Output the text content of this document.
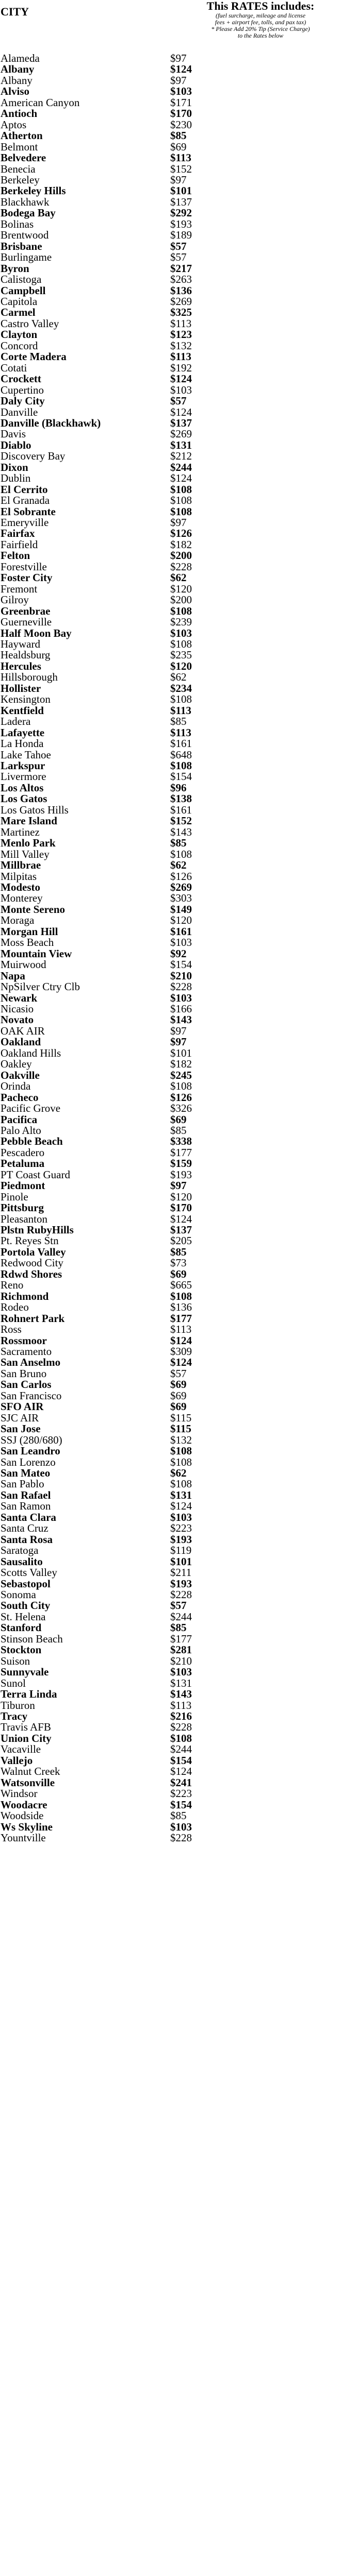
CITY	This RATES includes:
(fuel surcharge, mileage and license
fees + airport fee, tolls, and pax tax)
* Please Add 20% Tip (Service Charge)
to the Rates below
Alameda	$97
Albany	$124
Albany	$97
Alviso	$103
American Canyon	$171
Antioch	$170
Aptos	$230
Atherton	$85
Belmont	$69
Belvedere	$113
Benecia	$152
Berkeley	$97
Berkeley Hills	$101
Blackhawk	$137
Bodega Bay	$292
Bolinas	$193
Brentwood	$189
Brisbane	$57
Burlingame	$57
Byron	$217
Calistoga	$263
Campbell	$136
Capitola	$269
Carmel	$325
Castro Valley	$113
Clayton	$123
Concord	$132
Corte Madera	$113
Cotati	$192
Crockett	$124
Cupertino	$103
Daly City	$57
Danville	$124
Danville (Blackhawk)	$137
Davis	$269
Diablo	$131
Discovery Bay	$212
Dixon	$244
Dublin	$124
El Cerrito	$108
El Granada	$108
El Sobrante	$108
Emeryville	$97
Fairfax	$126
Fairfield	$182
Felton	$200
Forestville	$228
Foster City	$62
Fremont	$120
Gilroy	$200
Greenbrae	$108
Guerneville	$239
Half Moon Bay	$103
Hayward	$108
Healdsburg	$235
Hercules	$120
Hillsborough	$62
Hollister	$234
Kensington	$108
Kentfield	$113
Ladera	$85
Lafayette	$113
La Honda	$161
Lake Tahoe	$648
Larkspur	$108
Livermore	$154
Los Altos	$96
Los Gatos	$138
Los Gatos Hills	$161
Mare Island	$152
Martinez	$143
Menlo Park	$85
Mill Valley	$108
Millbrae	$62
Milpitas	$126
Modesto	$269
Monterey	$303
Monte Sereno	$149
Moraga	$120
Morgan Hill	$161
Moss Beach	$103
Mountain View	$92
Muirwood	$154
Napa	$210
NpSilver Ctry Clb	$228
Newark	$103
Nicasio	$166
Novato	$143
OAK AIR	$97
Oakland	$97
Oakland Hills	$101
Oakley	$182
Oakville	$245
Orinda	$108
Pacheco	$126
Pacific Grove	$326
Pacifica	$69
Palo Alto	$85
Pebble Beach	$338
Pescadero	$177
Petaluma	$159
PT Coast Guard	$193
Piedmont	$97
Pinole	$120
Pittsburg	$170
Pleasanton	$124
Plstn RubyHills	$137
Pt. Reyes Stn	$205
Portola Valley	$85
Redwood City	$73
Rdwd Shores	$69
Reno	$665
Richmond	$108
Rodeo	$136
Rohnert Park	$177
Ross	$113
Rossmoor	$124
Sacramento	$309
San Anselmo	$124
San Bruno	$57
San Carlos	$69
San Francisco	$69
SFO AIR	$69
SJC AIR	$115
San Jose	$115
SSJ (280/680)	$132
San Leandro	$108
San Lorenzo	$108
San Mateo	$62
San Pablo	$108
San Rafael	$131
San Ramon	$124
Santa Clara	$103
Santa Cruz	$223
Santa Rosa	$193
Saratoga	$119
Sausalito	$101
Scotts Valley	$211
Sebastopol	$193
Sonoma	$228
South City	$57
St. Helena	$244
Stanford	$85
Stinson Beach	$177
Stockton	$281
Suison	$210
Sunnyvale	$103
Sunol	$131
Terra Linda	$143
Tiburon	$113
Tracy	$216
Travis AFB	$228
Union City	$108
Vacaville	$244
Vallejo	$154
Walnut Creek	$124
Watsonville	$241
Windsor	$223
Woodacre	$154
Woodside	$85
Ws Skyline	$103
Yountville	$228
